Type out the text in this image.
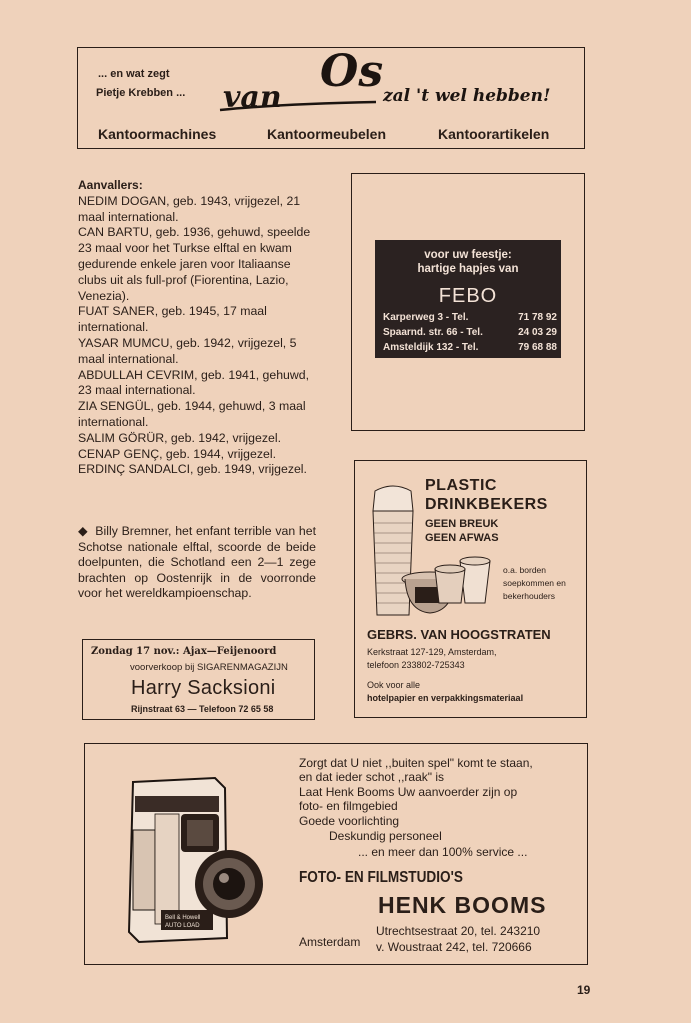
... en wat zegt
Pietje Krebben ... van
Os zal 't wel hebben!
Kantoormachines	Kantoormeubelen	Kantoorartikelen

Aanvallers:

NEDIM DOGAN, geb. 1943, vrijgezel, 21 maal international.

CAN BARTU, geb. 1936, gehuwd, speelde 23 maal voor het Turkse elftal en kwam gedurende enkele jaren voor Italiaanse clubs uit als full-prof (Fiorentina, Lazio, Venezia).

FUAT SANER, geb. 1945, 17 maal international.

YASAR MUMCU, geb. 1942, vrijgezel, 5 maal international.

ABDULLAH CEVRIM, geb. 1941, gehuwd, 23 maal international.

ZIA SENGÜL, geb. 1944, gehuwd, 3 maal international.

SALIM GÖRÜR, geb. 1942, vrijgezel.

CENAP GENÇ, geb. 1944, vrijgezel.

ERDINÇ SANDALCI, geb. 1949, vrijgezel.

◆ Billy Bremner, het enfant terrible van het Schotse nationale elftal, scoorde de beide doelpunten, die Schotland een 2—1 zege brachten op Oostenrijk in de voorronde voor het wereldkampioenschap.
Zondag 17 nov.: Ajax—Feijenoord
voorverkoop bij SIGARENMAGAZIJN
Harry Sacksioni
Rijnstraat 63 — Telefoon 72 65 58
voor uw feestje:
hartige hapjes van
FEBO
Karperweg 3 - Tel.	71 78 92
Spaarnd. str. 66 - Tel.	24 03 29
Amsteldijk 132 - Tel.	79 68 88
PLASTIC
DRINKBEKERS
GEEN BREUK
GEEN AFWAS
o.a. borden
soepkommen en
bekerhouders
GEBRS. VAN HOOGSTRATEN
Kerkstraat 127-129, Amsterdam,
telefoon 233802-725343
Ook voor alle
hotelpapier en verpakkingsmateriaal
Bell & Howell
AUTO LOAD
Zorgt dat U niet ,,buiten spel" komt te staan,
en dat ieder schot ,,raak" is
Laat Henk Booms Uw aanvoerder zijn op
foto- en filmgebied
Goede voorlichting
Deskundig personeel
... en meer dan 100% service ...
FOTO- EN FILMSTUDIO'S
HENK BOOMS
Amsterdam
Utrechtsestraat 20, tel. 243210
v. Woustraat 242, tel. 720666
19
